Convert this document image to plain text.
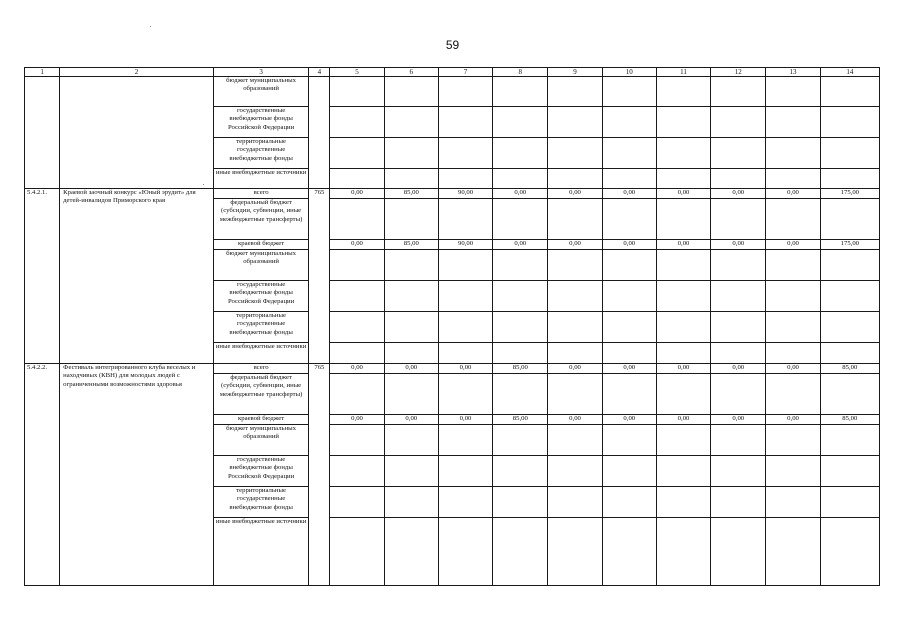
59
1	2	3	4	5	6	7	8	9	10	11	12	13	14

		бюджет муниципальных образований											

		государственные внебюджетные фонды Российской Федерации											

		территориальные государственные внебюджетные фонды											

		иные внебюджетные источники											

5.4.2.1.	Краевой заочный конкурс «Юный эрудит» для детей-инвалидов Приморского края	всего	765	0,00	85,00	90,00	0,00	0,00	0,00	0,00	0,00	0,00	175,00

		федеральный бюджет (субсидии, субвенции, иные межбюджетные трансферты)											

		краевой бюджет		0,00	85,00	90,00	0,00	0,00	0,00	0,00	0,00	0,00	175,00

		бюджет муниципальных образований											

		государственные внебюджетные фонды Российской Федерации											

		территориальные государственные внебюджетные фонды											

		иные внебюджетные источники											

5.4.2.2.	Фестиваль интегрированного клуба веселых и находчивых (КВН) для молодых людей с ограниченными возможностями здоровья	всего	765	0,00	0,00	0,00	85,00	0,00	0,00	0,00	0,00	0,00	85,00

		федеральный бюджет (субсидии, субвенции, иные межбюджетные трансферты)											

		краевой бюджет		0,00	0,00	0,00	85,00	0,00	0,00	0,00	0,00	0,00	85,00

		бюджет муниципальных образований											

		государственные внебюджетные фонды Российской Федерации											

		территориальные государственные внебюджетные фонды											

		иные внебюджетные источники											
